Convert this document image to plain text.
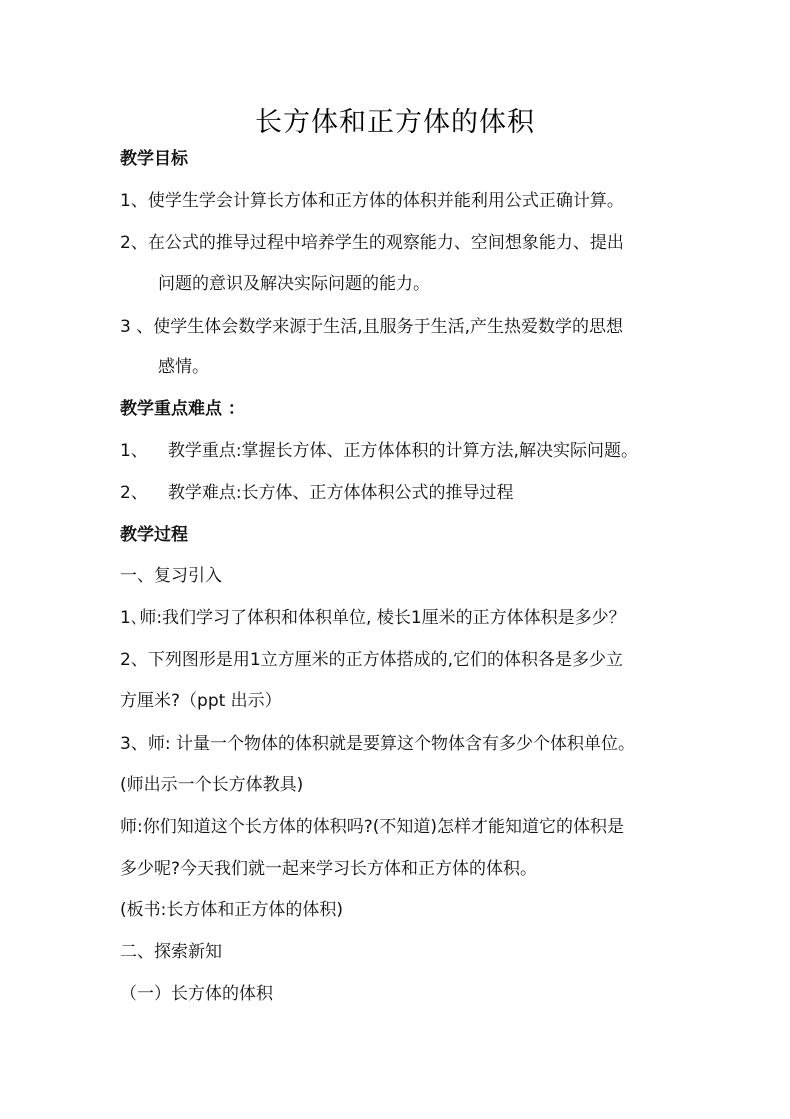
长方体和正方体的体积
教学目标
1、使学生学会计算长方体和正方体的体积并能利用公式正确计算。
2、在公式的推导过程中培养学生的观察能力、空间想象能力、提出
问题的意识及解决实际问题的能力。
3 、使学生体会数学来源于生活,且服务于生活,产生热爱数学的思想
感情。
教学重点难点 ：
1、 教学重点:掌握长方体、正方体体积的计算方法,解决实际问题。
2、 教学难点:长方体、正方体体积公式的推导过程
教学过程
一、复习引入
1､师:我们学习了体积和体积单位, 棱长1厘米的正方体体积是多少？
2、下列图形是用1立方厘米的正方体搭成的,它们的体积各是多少立
方厘米?（ppt 出示）
3、师: 计量一个物体的体积就是要算这个物体含有多少个体积单位。
(师出示一个长方体教具)
师:你们知道这个长方体的体积吗?(不知道)怎样才能知道它的体积是
多少呢?今天我们就一起来学习长方体和正方体的体积。
(板书:长方体和正方体的体积)
二、探索新知
（一）长方体的体积
